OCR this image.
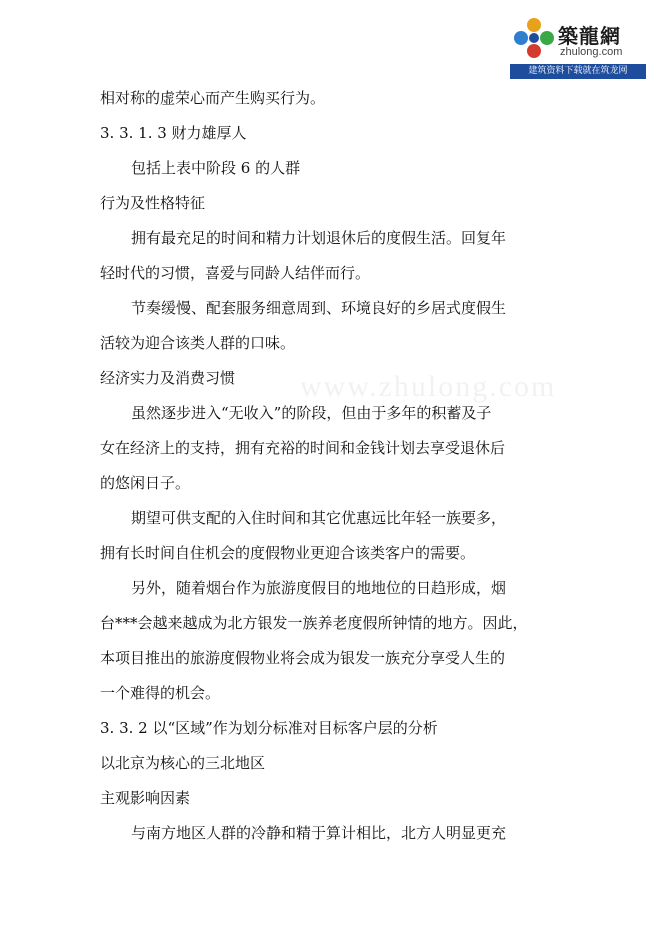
築龍網
zhulong.com
建筑资料下载就在筑龙网
www.zhulong.com
相对称的虚荣心而产生购买行为。
3. 3. 1. 3 财力雄厚人
包括上表中阶段 6 的人群
行为及性格特征
拥有最充足的时间和精力计划退休后的度假生活。回复年
轻时代的习惯，喜爱与同龄人结伴而行。
节奏缓慢、配套服务细意周到、环境良好的乡居式度假生
活较为迎合该类人群的口味。
经济实力及消费习惯
虽然逐步进入“无收入”的阶段，但由于多年的积蓄及子
女在经济上的支持，拥有充裕的时间和金钱计划去享受退休后
的悠闲日子。
期望可供支配的入住时间和其它优惠远比年轻一族要多，
拥有长时间自住机会的度假物业更迎合该类客户的需要。
另外，随着烟台作为旅游度假目的地地位的日趋形成，烟
台***会越来越成为北方银发一族养老度假所钟情的地方。因此，
本项目推出的旅游度假物业将会成为银发一族充分享受人生的
一个难得的机会。
3. 3. 2 以“区域”作为划分标准对目标客户层的分析
以北京为核心的三北地区
主观影响因素
与南方地区人群的冷静和精于算计相比，北方人明显更充
